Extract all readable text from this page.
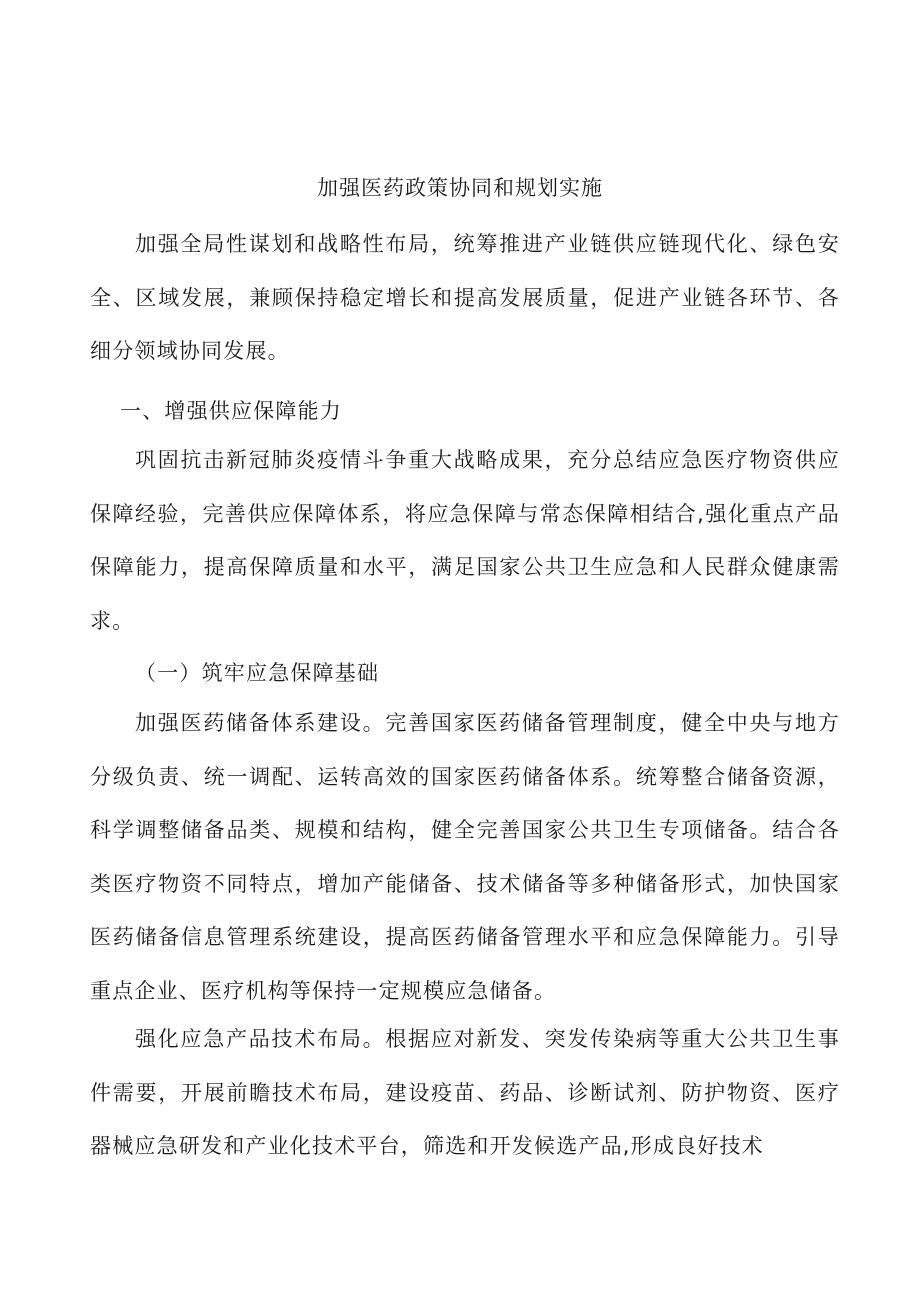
加强医药政策协同和规划实施

加强全局性谋划和战略性布局，统筹推进产业链供应链现代化、绿色安全、区域发展，兼顾保持稳定增长和提高发展质量，促进产业链各环节、各细分领域协同发展。

一、增强供应保障能力

巩固抗击新冠肺炎疫情斗争重大战略成果，充分总结应急医疗物资供应保障经验，完善供应保障体系，将应急保障与常态保障相结合,强化重点产品保障能力，提高保障质量和水平，满足国家公共卫生应急和人民群众健康需求。

（一）筑牢应急保障基础

加强医药储备体系建设。完善国家医药储备管理制度，健全中央与地方分级负责、统一调配、运转高效的国家医药储备体系。统筹整合储备资源，科学调整储备品类、规模和结构，健全完善国家公共卫生专项储备。结合各类医疗物资不同特点，增加产能储备、技术储备等多种储备形式，加快国家医药储备信息管理系统建设，提高医药储备管理水平和应急保障能力。引导重点企业、医疗机构等保持一定规模应急储备。

强化应急产品技术布局。根据应对新发、突发传染病等重大公共卫生事件需要，开展前瞻技术布局，建设疫苗、药品、诊断试剂、防护物资、医疗器械应急研发和产业化技术平台，筛选和开发候选产品,形成良好技术
